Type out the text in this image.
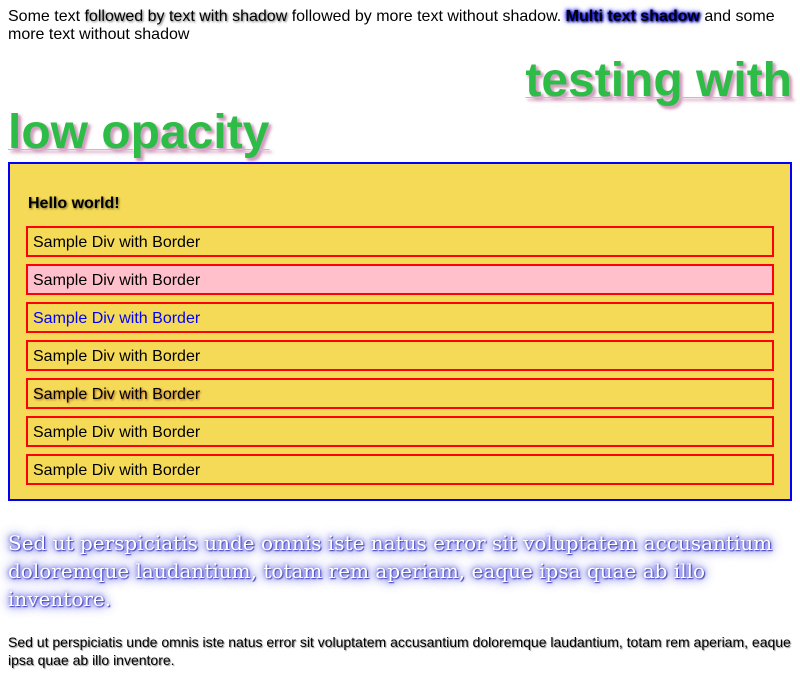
Some text followed by text with shadow followed by more text without shadow. Multi text shadow and some more text without shadow

testing with
low opacity
Hello world!
Sample Div with Border
Sample Div with Border
Sample Div with Border
Sample Div with Border
Sample Div with Border
Sample Div with Border
Sample Div with Border

Sed ut perspiciatis unde omnis iste natus error sit voluptatem accusantium doloremque laudantium, totam rem aperiam, eaque ipsa quae ab illo inventore.

Sed ut perspiciatis unde omnis iste natus error sit voluptatem accusantium doloremque laudantium, totam rem aperiam, eaque ipsa quae ab illo inventore.
